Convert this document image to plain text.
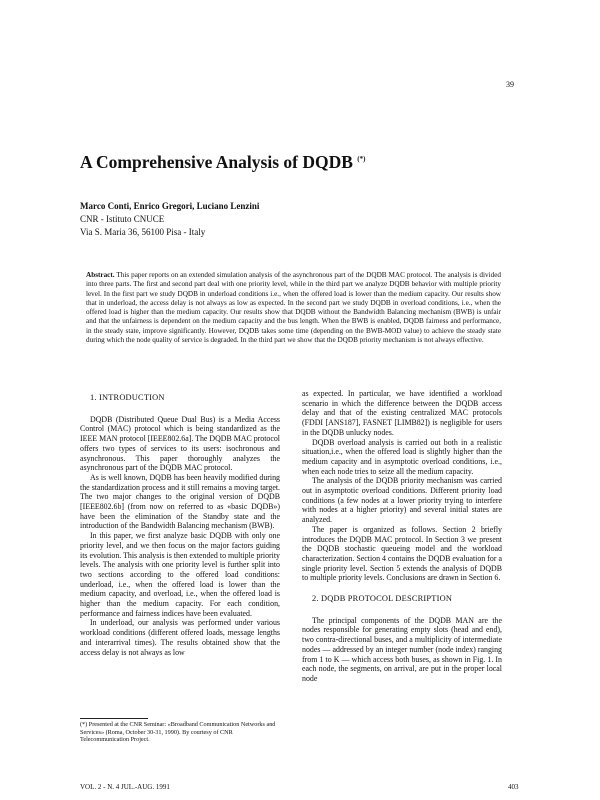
39
A Comprehensive Analysis of DQDB (*)
Marco Conti, Enrico Gregori, Luciano Lenzini
CNR - Istituto CNUCE
Via S. Maria 36, 56100 Pisa - Italy

Abstract. This paper reports on an extended simulation analysis of the asynchronous part of the DQDB MAC protocol. The analysis is divided into three parts. The first and second part deal with one priority level, while in the third part we analyze DQDB behavior with multiple priority level. In the first part we study DQDB in underload conditions i.e., when the offered load is lower than the medium capacity. Our results show that in underload, the access delay is not always as low as expected. In the second part we study DQDB in overload conditions, i.e., when the offered load is higher than the medium capacity. Our results show that DQDB without the Bandwidth Balancing mechanism (BWB) is unfair and that the unfairness is dependent on the medium capacity and the bus length. When the BWB is enabled, DQDB fairness and performance, in the steady state, improve significantly. However, DQDB takes some time (depending on the BWB-MOD value) to achieve the steady state during which the node quality of service is degraded. In the third part we show that the DQDB priority mechanism is not always effective.

1. INTRODUCTION

DQDB (Distributed Queue Dual Bus) is a Media Access Control (MAC) protocol which is being standardized as the IEEE MAN protocol [IEEE802.6a]. The DQDB MAC protocol offers two types of services to its users: isochronous and asynchronous. This paper thoroughly analyzes the asynchronous part of the DQDB MAC protocol.

As is well known, DQDB has been heavily modified during the standardization process and it still remains a moving target. The two major changes to the original version of DQDB [IEEE802.6b] (from now on referred to as «basic DQDB») have been the elimination of the Standby state and the introduction of the Bandwidth Balancing mechanism (BWB).

In this paper, we first analyze basic DQDB with only one priority level, and we then focus on the major factors guiding its evolution. This analysis is then extended to multiple priority levels. The analysis with one priority level is further split into two sections according to the offered load conditions: underload, i.e., when the offered load is lower than the medium capacity, and overload, i.e., when the offered load is higher than the medium capacity. For each condition, performance and fairness indices have been evaluated.

In underload, our analysis was performed under various workload conditions (different offered loads, message lengths and interarrival times). The results obtained show that the access delay is not always as low

as expected. In particular, we have identified a workload scenario in which the difference between the DQDB access delay and that of the existing centralized MAC protocols (FDDI [ANS187], FASNET [LIMB82]) is negligible for users in the DQDB unlucky nodes.

DQDB overload analysis is carried out both in a realistic situation,i.e., when the offered load is slightly higher than the medium capacity and in asymptotic overload conditions, i.e., when each node tries to seize all the medium capacity.

The analysis of the DQDB priority mechanism was carried out in asymptotic overload conditions. Different priority load conditions (a few nodes at a lower priority trying to interfere with nodes at a higher priority) and several initial states are analyzed.

The paper is organized as follows. Section 2 briefly introduces the DQDB MAC protocol. In Section 3 we present the DQDB stochastic queueing model and the workload characterization. Section 4 contains the DQDB evaluation for a single priority level. Section 5 extends the analysis of DQDB to multiple priority levels. Conclusions are drawn in Section 6.

2. DQDB PROTOCOL DESCRIPTION

The principal components of the DQDB MAN are the nodes responsible for generating empty slots (head and end), two contra-directional buses, and a multiplicity of intermediate nodes — addressed by an integer number (node index) ranging from 1 to K — which access both buses, as shown in Fig. 1. In each node, the segments, on arrival, are put in the proper local node

(*) Presented at the CNR Seminar: «Broadband Communication Networks and Services» (Roma, October 30-31, 1990). By courtesy of CNR Telecommunication Project.

VOL. 2 - N. 4 JUL.-AUG. 1991	403
